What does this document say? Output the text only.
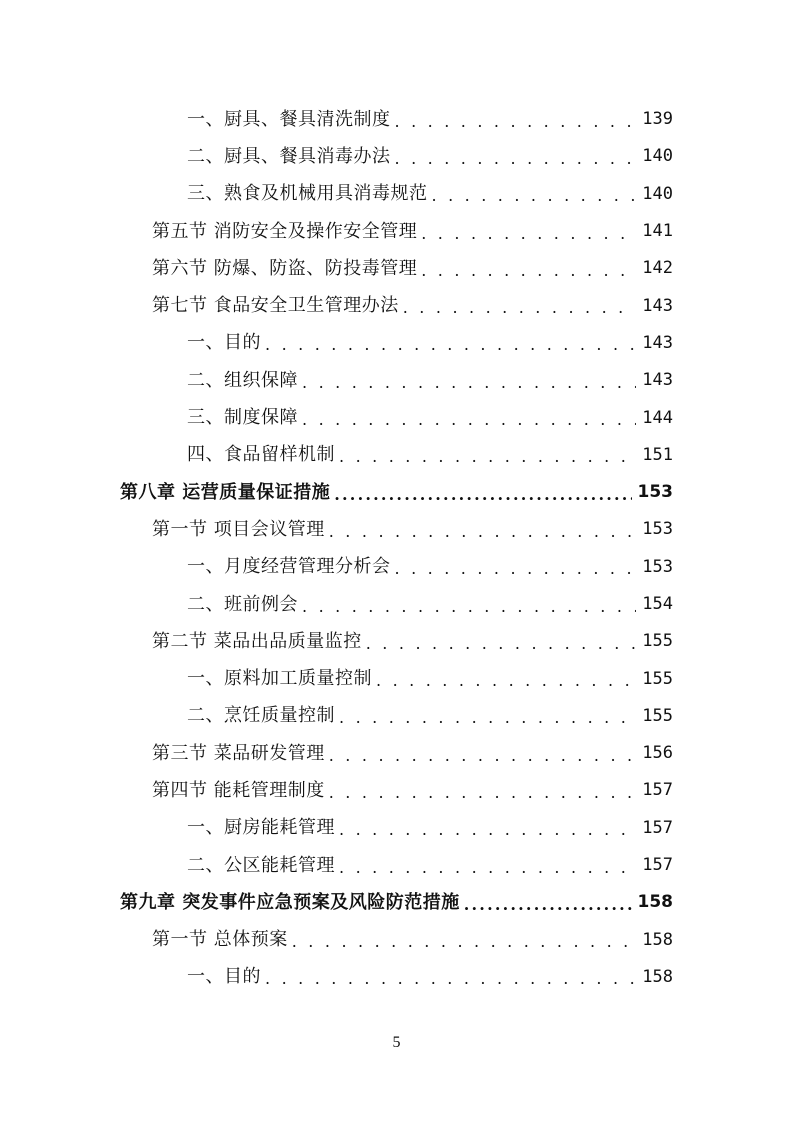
一、厨具、餐具清洗制度 . . .	139
二、厨具、餐具消毒办法 . . .	140
三、熟食及机械用具消毒规范 . . .	140
第五节 消防安全及操作安全管理 . . .	141
第六节 防爆、防盗、防投毒管理 . . .	142
第七节 食品安全卫生管理办法 . . .	143
一、目的 . . .	143
二、组织保障 . . .	143
三、制度保障 . . .	144
四、食品留样机制 . . .	151
第八章 运营质量保证措施 .....	153
第一节 项目会议管理 . . .	153
一、月度经营管理分析会 . . .	153
二、班前例会 . . .	154
第二节 菜品出品质量监控 . . .	155
一、原料加工质量控制 . . .	155
二、烹饪质量控制 . . .	155
第三节 菜品研发管理 . . .	156
第四节 能耗管理制度 . . .	157
一、厨房能耗管理 . . .	157
二、公区能耗管理 . . .	157
第九章 突发事件应急预案及风险防范措施 .....	158
第一节 总体预案 . . .	158
一、目的 . . .	158
5
